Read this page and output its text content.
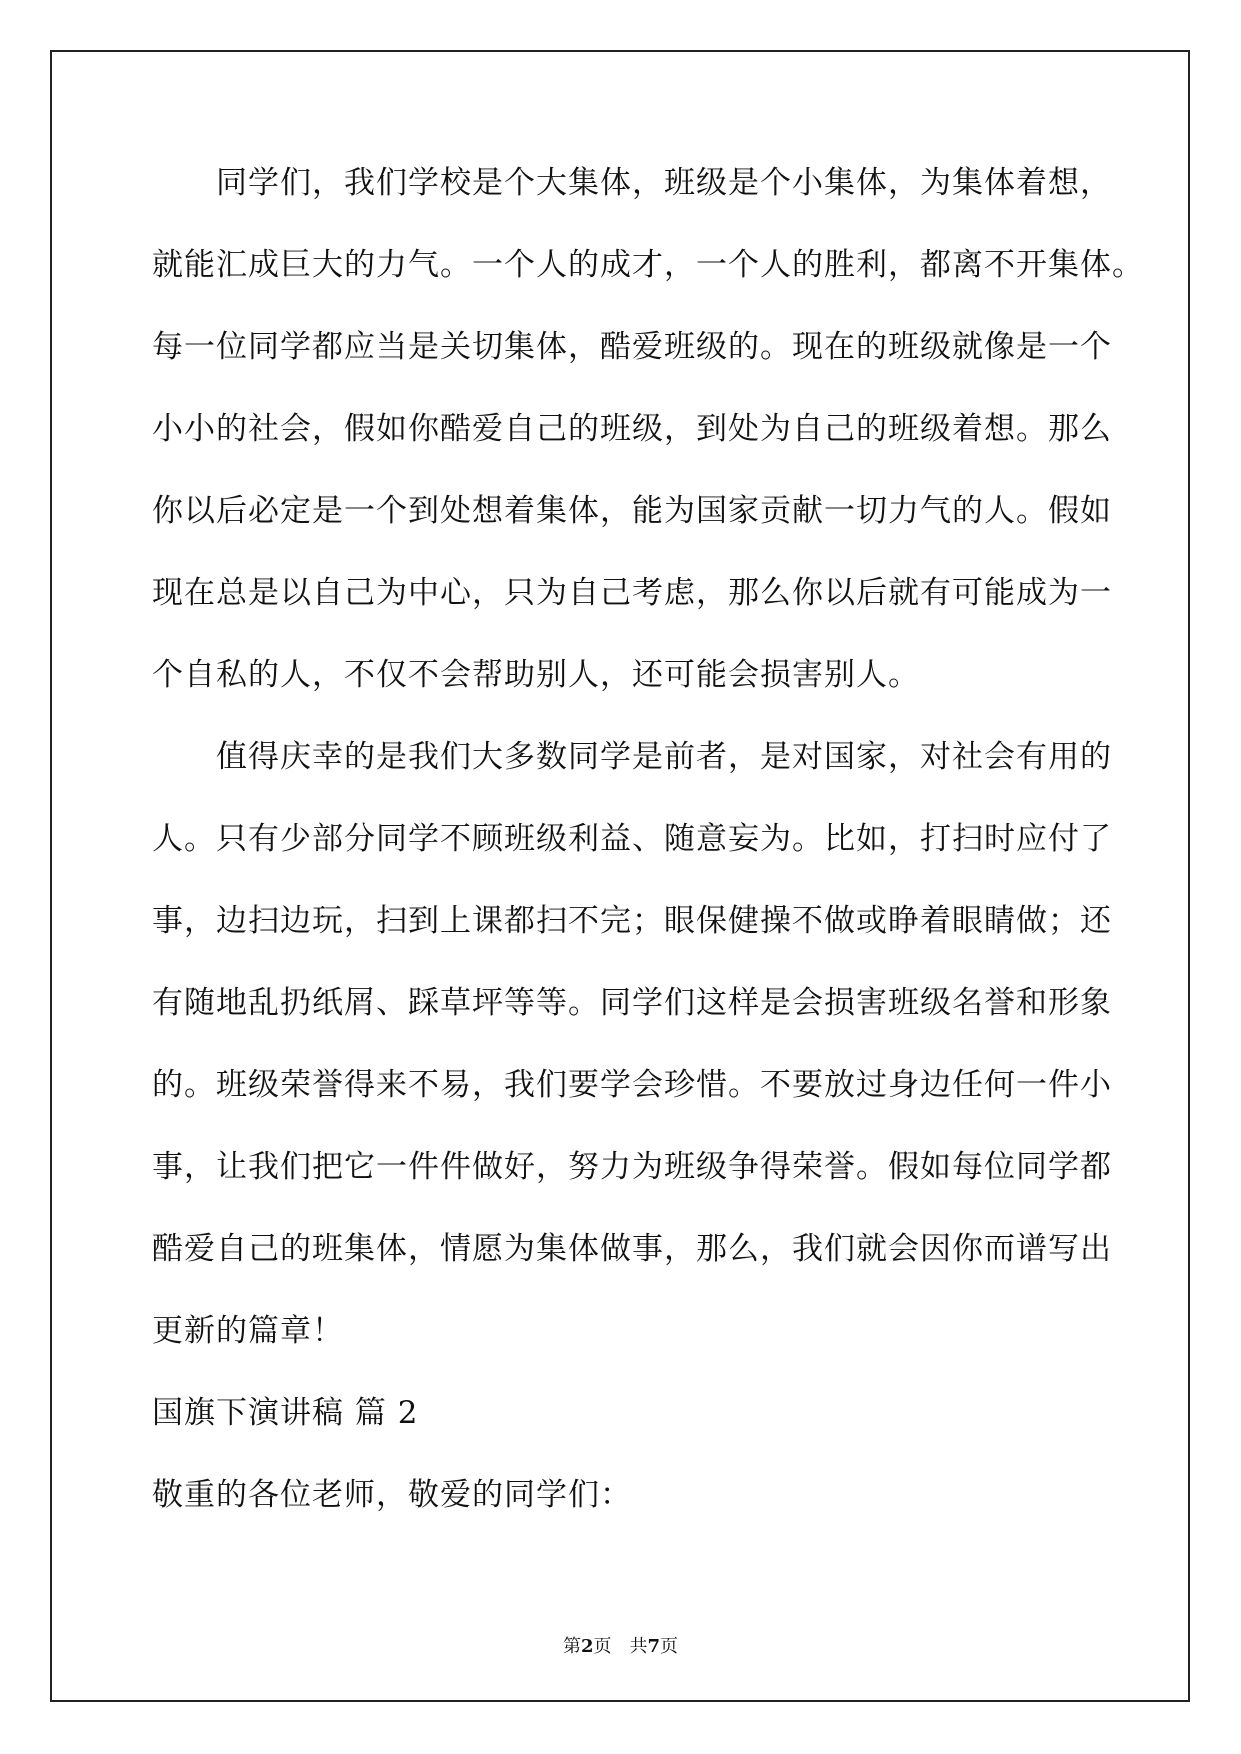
同学们，我们学校是个大集体，班级是个小集体，为集体着想，
就能汇成巨大的力气。一个人的成才，一个人的胜利，都离不开集体。
每一位同学都应当是关切集体，酷爱班级的。现在的班级就像是一个
小小的社会，假如你酷爱自己的班级，到处为自己的班级着想。那么
你以后必定是一个到处想着集体，能为国家贡献一切力气的人。假如
现在总是以自己为中心，只为自己考虑，那么你以后就有可能成为一
个自私的人，不仅不会帮助别人，还可能会损害别人。
值得庆幸的是我们大多数同学是前者，是对国家，对社会有用的
人。只有少部分同学不顾班级利益、随意妄为。比如，打扫时应付了
事，边扫边玩，扫到上课都扫不完；眼保健操不做或睁着眼睛做；还
有随地乱扔纸屑、踩草坪等等。同学们这样是会损害班级名誉和形象
的。班级荣誉得来不易，我们要学会珍惜。不要放过身边任何一件小
事，让我们把它一件件做好，努力为班级争得荣誉。假如每位同学都
酷爱自己的班集体，情愿为集体做事，那么，我们就会因你而谱写出
更新的篇章！
国旗下演讲稿 篇 2
敬重的各位老师，敬爱的同学们：
第2页 共7页
